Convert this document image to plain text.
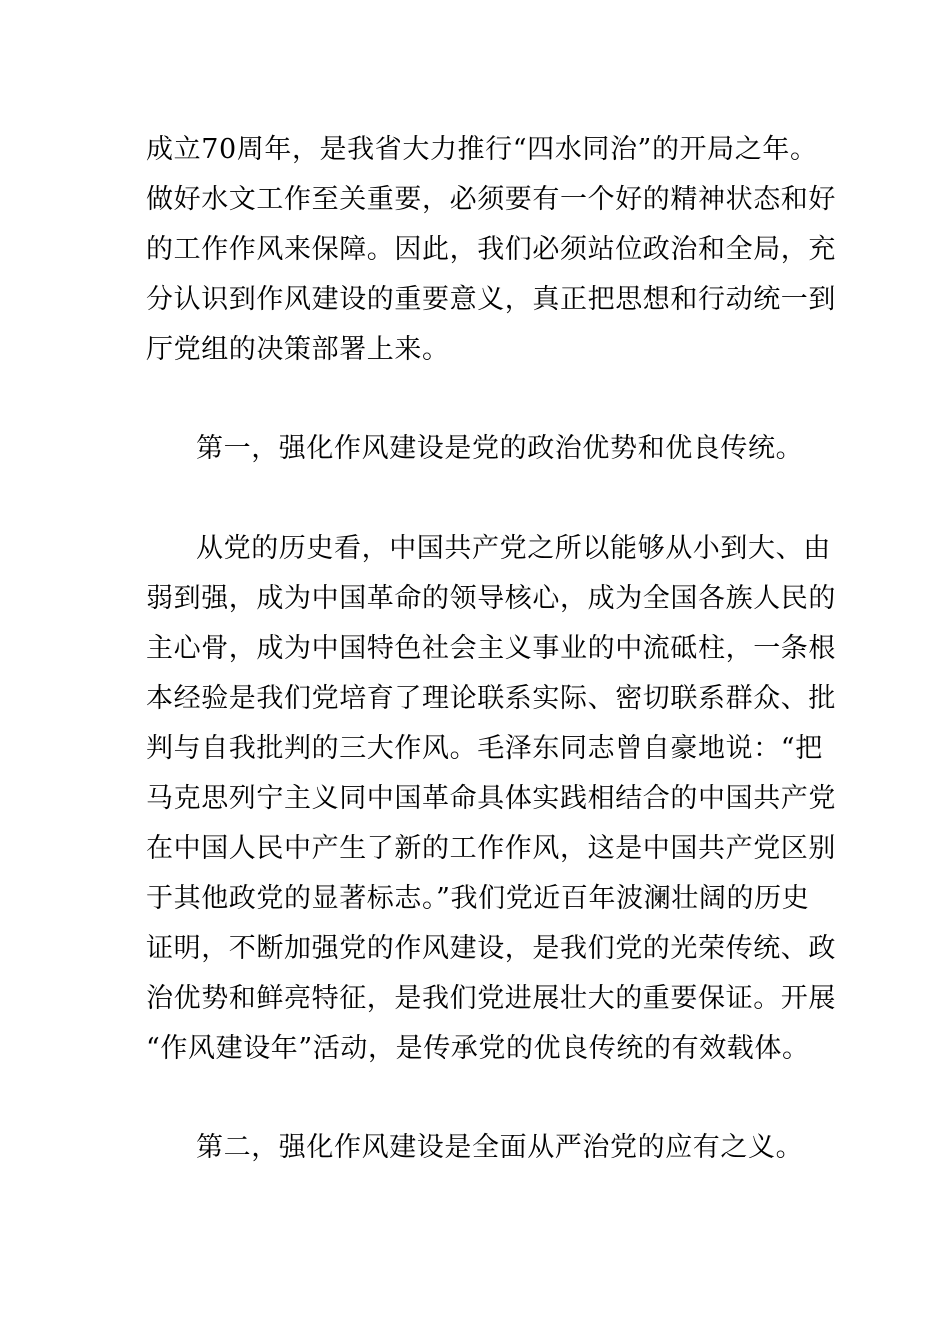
成立70周年，是我省大力推行“四水同治”的开局之年。
做好水文工作至关重要，必须要有一个好的精神状态和好
的工作作风来保障。因此，我们必须站位政治和全局，充
分认识到作风建设的重要意义，真正把思想和行动统一到
厅党组的决策部署上来。
第一，强化作风建设是党的政治优势和优良传统。
从党的历史看，中国共产党之所以能够从小到大、由
弱到强，成为中国革命的领导核心，成为全国各族人民的
主心骨，成为中国特色社会主义事业的中流砥柱，一条根
本经验是我们党培育了理论联系实际、密切联系群众、批
判与自我批判的三大作风。毛泽东同志曾自豪地说：“把
马克思列宁主义同中国革命具体实践相结合的中国共产党
在中国人民中产生了新的工作作风，这是中国共产党区别
于其他政党的显著标志。”我们党近百年波澜壮阔的历史
证明，不断加强党的作风建设，是我们党的光荣传统、政
治优势和鲜亮特征，是我们党进展壮大的重要保证。开展
“作风建设年”活动，是传承党的优良传统的有效载体。
第二，强化作风建设是全面从严治党的应有之义。
